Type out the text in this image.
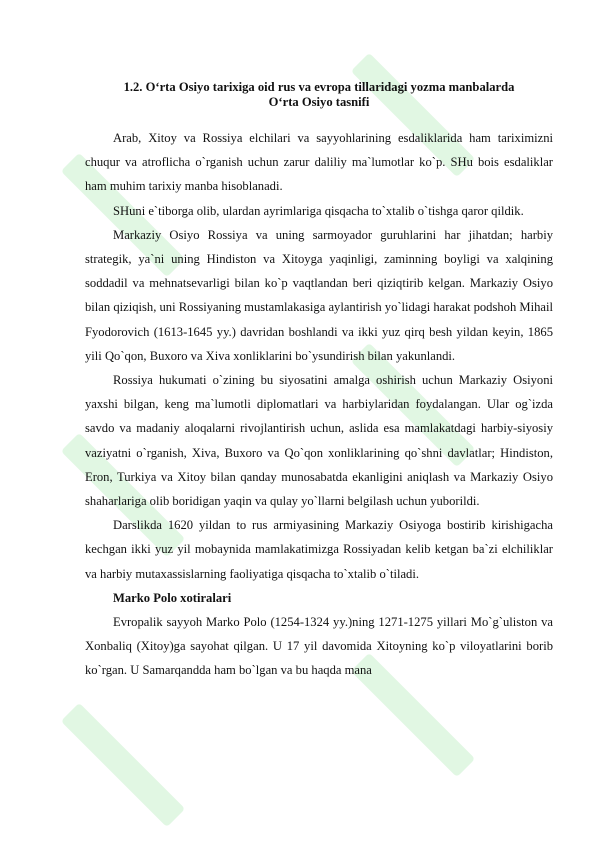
1.2. O‘rta Osiyo tarixiga oid rus va evropa tillaridagi yozma manbalarda
O‘rta Osiyo tasnifi

Arab, Xitoy va Rossiya elchilari va sayyohlarining esdaliklarida ham tariximizni chuqur va atroflicha o`rganish uchun zarur daliliy ma`lumotlar ko`p. SHu bois esdaliklar ham muhim tarixiy manba hisoblanadi.

SHuni e`tiborga olib, ulardan ayrimlariga qisqacha to`xtalib o`tishga qaror qildik.

Markaziy Osiyo Rossiya va uning sarmoyador guruhlarini har jihatdan; harbiy strategik, ya`ni uning Hindiston va Xitoyga yaqinligi, zaminning boyligi va xalqining soddadil va mehnatsevarligi bilan ko`p vaqtlandan beri qiziqtirib kelgan. Markaziy Osiyo bilan qiziqish, uni Rossiyaning mustamlakasiga aylantirish yo`lidagi harakat podshoh Mihail Fyodorovich (1613-1645 yy.) davridan boshlandi va ikki yuz qirq besh yildan keyin, 1865 yili Qo`qon, Buxoro va Xiva xonliklarini bo`ysundirish bilan yakunlandi.

Rossiya hukumati o`zining bu siyosatini amalga oshirish uchun Markaziy Osiyoni yaxshi bilgan, keng ma`lumotli diplomatlari va harbiylaridan foydalangan. Ular og`izda savdo va madaniy aloqalarni rivojlantirish uchun, aslida esa mamlakatdagi harbiy-siyosiy vaziyatni o`rganish, Xiva, Buxoro va Qo`qon xonliklarining qo`shni davlatlar; Hindiston, Eron, Turkiya va Xitoy bilan qanday munosabatda ekanligini aniqlash va Markaziy Osiyo shaharlariga olib boridigan yaqin va qulay yo`llarni belgilash uchun yuborildi.

Darslikda 1620 yildan to rus armiyasining Markaziy Osiyoga bostirib kirishigacha kechgan ikki yuz yil mobaynida mamlakatimizga Rossiyadan kelib ketgan ba`zi elchiliklar va harbiy mutaxassislarning faoliyatiga qisqacha to`xtalib o`tiladi.

Marko Polo xotiralari

Evropalik sayyoh Marko Polo (1254-1324 yy.)ning 1271-1275 yillari Mo`g`uliston va Xonbaliq (Xitoy)ga sayohat qilgan. U 17 yil davomida Xitoyning ko`p viloyatlarini borib ko`rgan. U Samarqandda ham bo`lgan va bu haqda mana
